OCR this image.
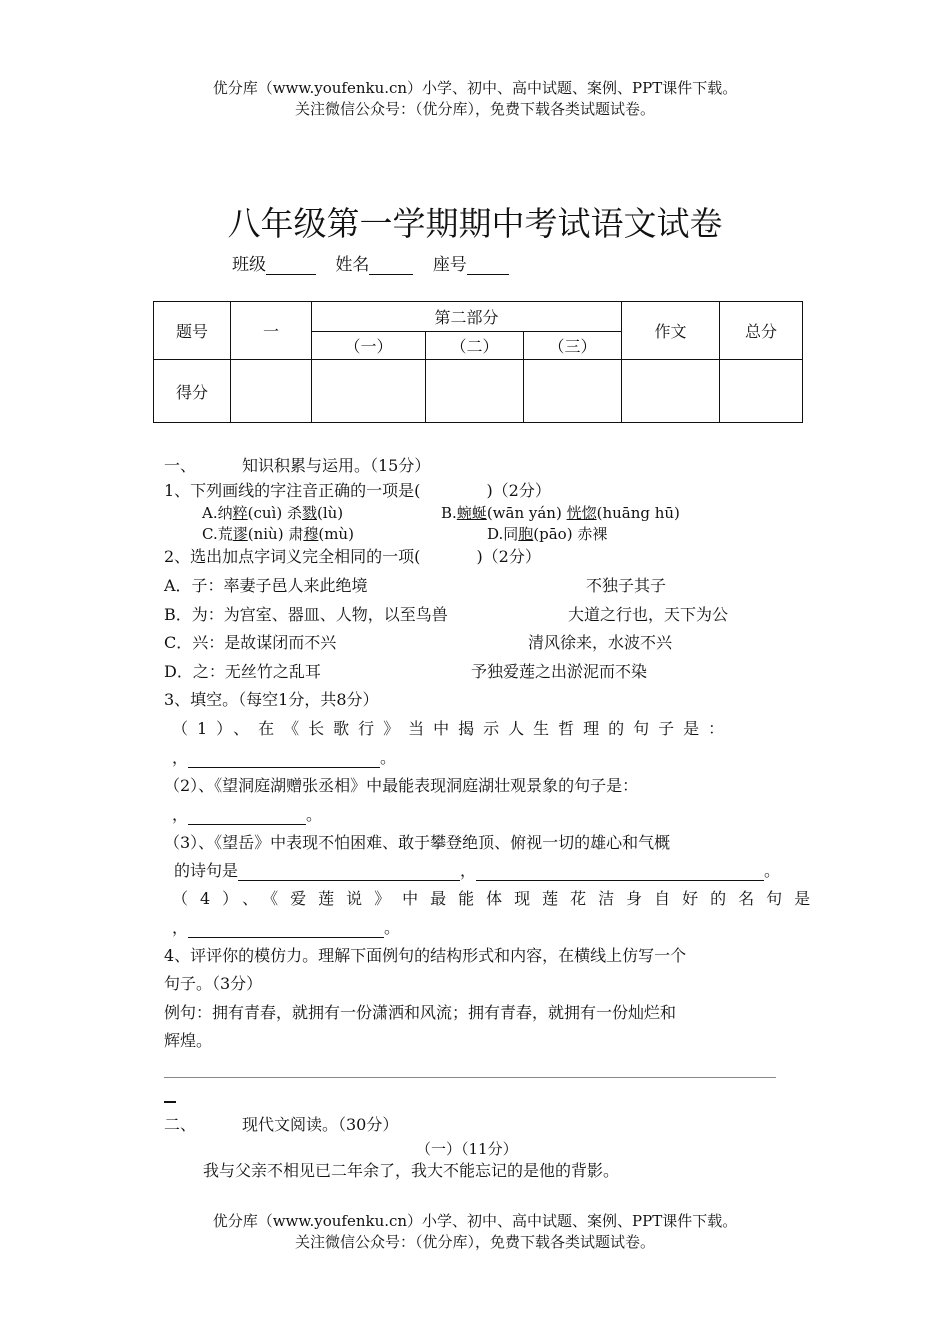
优分库（www.youfenku.cn）小学、初中、高中试题、案例、PPT课件下载。
关注微信公众号：（优分库），免费下载各类试题试卷。
八年级第一学期期中考试语文试卷
班级	姓名	座号
题号	一	第二部分			作文	总分
		（一）	（二）	（三）		
得分						
一、	知识积累与运用。（15分）
1、下列画线的字注音正确的一项是(	)（2分）
A.纳粹(cuì) 杀戮(lù)	B.蜿蜒(wān yán) 恍惚(huāng hū)
C.荒谬(niù) 肃穆(mù)	D.同胞(pāo) 赤裸
2、选出加点字词义完全相同的一项(	)（2分）
A．子：率妻子邑人来此绝境	不独子其子
B．为：为宫室、器皿、人物，以至鸟兽	大道之行也，天下为公
C．兴：是故谋闭而不兴	清风徐来，水波不兴
D．之：无丝竹之乱耳	予独爱莲之出淤泥而不染
3、填空。（每空1分，共8分）
（1）、在《长歌行》当中揭示人生哲理的句子是：
，	。
（2）、《望洞庭湖赠张丞相》中最能表现洞庭湖壮观景象的句子是：
，	。
（3）、《望岳》中表现不怕困难、敢于攀登绝顶、俯视一切的雄心和气概
的诗句是	，	。
（4）、《爱莲说》中最能体现莲花洁身自好的名句是
，	。
4、评评你的模仿力。理解下面例句的结构形式和内容，在横线上仿写一个
句子。（3分）
例句：拥有青春，就拥有一份潇洒和风流；拥有青春，就拥有一份灿烂和
辉煌。
二、	现代文阅读。（30分）
（一）（11分）
我与父亲不相见已二年余了，我大不能忘记的是他的背影。
优分库（www.youfenku.cn）小学、初中、高中试题、案例、PPT课件下载。
关注微信公众号：（优分库），免费下载各类试题试卷。
